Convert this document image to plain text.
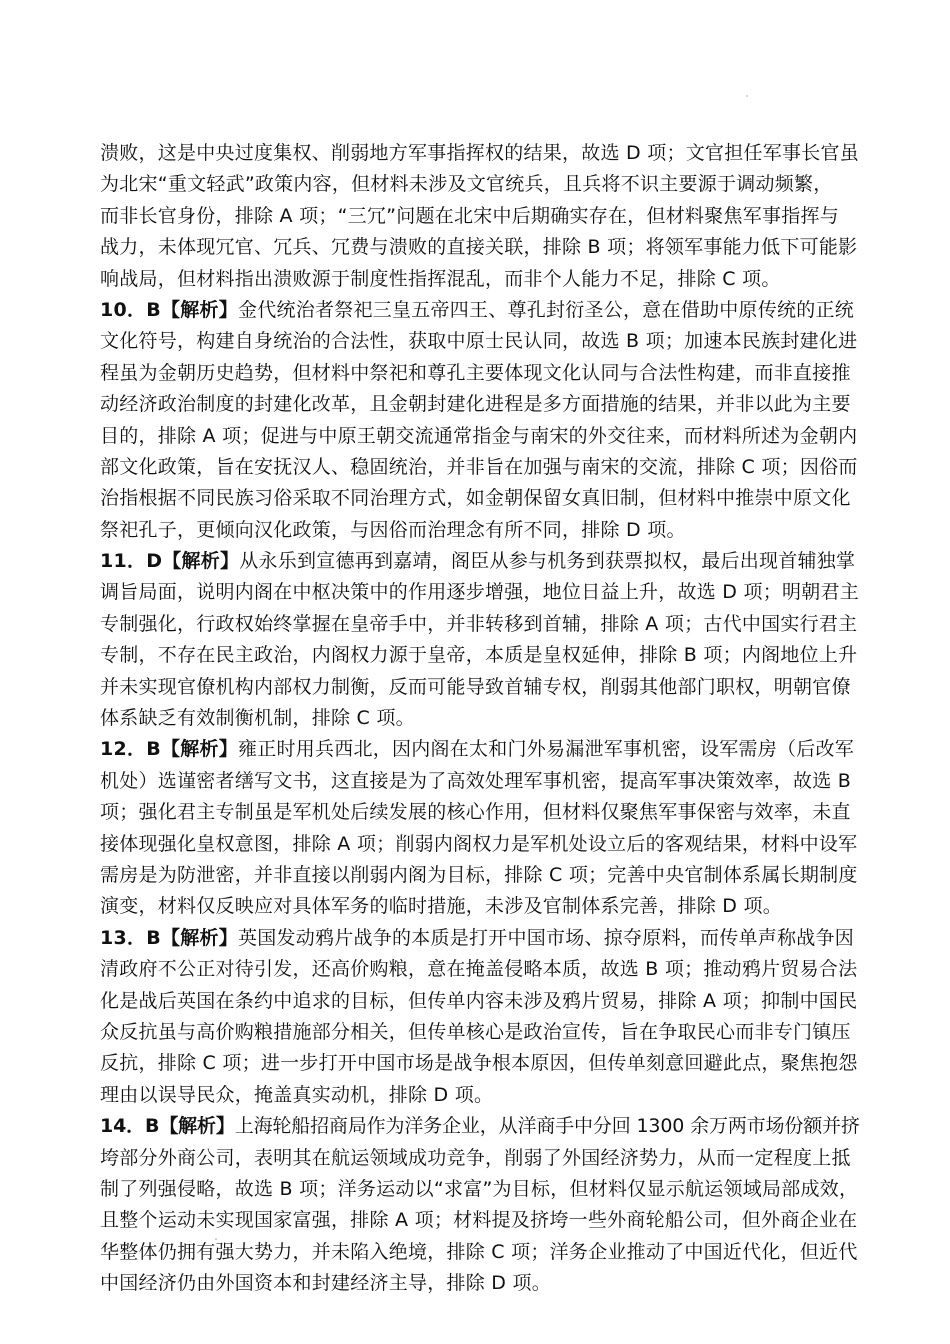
溃败，这是中央过度集权、削弱地方军事指挥权的结果，故选 D 项；文官担任军事长官虽
为北宋“重文轻武”政策内容，但材料未涉及文官统兵，且兵将不识主要源于调动频繁，
而非长官身份，排除 A 项；“三冗”问题在北宋中后期确实存在，但材料聚焦军事指挥与
战力，未体现冗官、冗兵、冗费与溃败的直接关联，排除 B 项；将领军事能力低下可能影
响战局，但材料指出溃败源于制度性指挥混乱，而非个人能力不足，排除 C 项。
10．B【解析】金代统治者祭祀三皇五帝四王、尊孔封衍圣公，意在借助中原传统的正统
文化符号，构建自身统治的合法性，获取中原士民认同，故选 B 项；加速本民族封建化进
程虽为金朝历史趋势，但材料中祭祀和尊孔主要体现文化认同与合法性构建，而非直接推
动经济政治制度的封建化改革，且金朝封建化进程是多方面措施的结果，并非以此为主要
目的，排除 A 项；促进与中原王朝交流通常指金与南宋的外交往来，而材料所述为金朝内
部文化政策，旨在安抚汉人、稳固统治，并非旨在加强与南宋的交流，排除 C 项；因俗而
治指根据不同民族习俗采取不同治理方式，如金朝保留女真旧制，但材料中推崇中原文化
祭祀孔子，更倾向汉化政策，与因俗而治理念有所不同，排除 D 项。
11．D【解析】从永乐到宣德再到嘉靖，阁臣从参与机务到获票拟权，最后出现首辅独掌
调旨局面，说明内阁在中枢决策中的作用逐步增强，地位日益上升，故选 D 项；明朝君主
专制强化，行政权始终掌握在皇帝手中，并非转移到首辅，排除 A 项；古代中国实行君主
专制，不存在民主政治，内阁权力源于皇帝，本质是皇权延伸，排除 B 项；内阁地位上升
并未实现官僚机构内部权力制衡，反而可能导致首辅专权，削弱其他部门职权，明朝官僚
体系缺乏有效制衡机制，排除 C 项。
12．B【解析】雍正时用兵西北，因内阁在太和门外易漏泄军事机密，设军需房（后改军
机处）选谨密者缮写文书，这直接是为了高效处理军事机密，提高军事决策效率，故选 B
项；强化君主专制虽是军机处后续发展的核心作用，但材料仅聚焦军事保密与效率，未直
接体现强化皇权意图，排除 A 项；削弱内阁权力是军机处设立后的客观结果，材料中设军
需房是为防泄密，并非直接以削弱内阁为目标，排除 C 项；完善中央官制体系属长期制度
演变，材料仅反映应对具体军务的临时措施，未涉及官制体系完善，排除 D 项。
13．B【解析】英国发动鸦片战争的本质是打开中国市场、掠夺原料，而传单声称战争因
清政府不公正对待引发，还高价购粮，意在掩盖侵略本质，故选 B 项；推动鸦片贸易合法
化是战后英国在条约中追求的目标，但传单内容未涉及鸦片贸易，排除 A 项；抑制中国民
众反抗虽与高价购粮措施部分相关，但传单核心是政治宣传，旨在争取民心而非专门镇压
反抗，排除 C 项；进一步打开中国市场是战争根本原因，但传单刻意回避此点，聚焦抱怨
理由以误导民众，掩盖真实动机，排除 D 项。
14．B【解析】上海轮船招商局作为洋务企业，从洋商手中分回 1300 余万两市场份额并挤
垮部分外商公司，表明其在航运领域成功竞争，削弱了外国经济势力，从而一定程度上抵
制了列强侵略，故选 B 项；洋务运动以“求富”为目标，但材料仅显示航运领域局部成效，
且整个运动未实现国家富强，排除 A 项；材料提及挤垮一些外商轮船公司，但外商企业在
华整体仍拥有强大势力，并未陷入绝境，排除 C 项；洋务企业推动了中国近代化，但近代
中国经济仍由外国资本和封建经济主导，排除 D 项。
